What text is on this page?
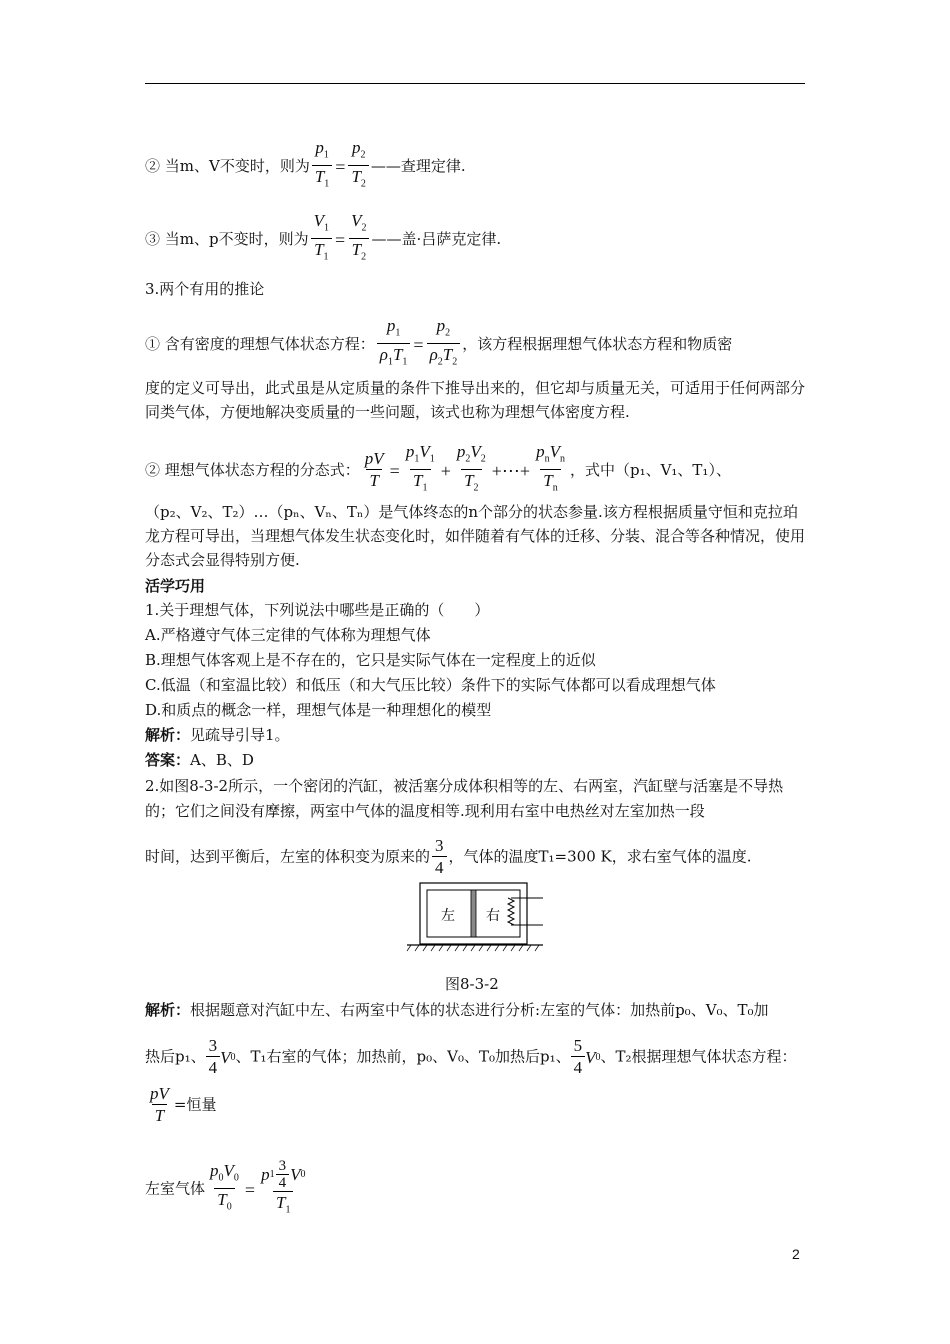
② 当m、V不变时，则为 $\frac{p_1}{T_1} = \frac{p_2}{T_2}$ ——查理定律.
③ 当m、p不变时，则为 $\frac{V_1}{T_1} = \frac{V_2}{T_2}$ ——盖·吕萨克定律.
3.两个有用的推论
① 含有密度的理想气体状态方程： $\frac{p_1}{\rho_1T_1} = \frac{p_2}{\rho_2T_2}$ ，该方程根据理想气体状态方程和物质密
度的定义可导出，此式虽是从定质量的条件下推导出来的，但它却与质量无关，可适用于任何两部分同类气体，方便地解决变质量的一些问题，该式也称为理想气体密度方程.
② 理想气体状态方程的分态式： $\frac{pV}{T} = \frac{p_1V_1}{T_1} + \frac{p_2V_2}{T_2}$ +⋯+ $\frac{p_nV_n}{T_n}$ ，式中（p₁、V₁、T₁）、
（p₂、V₂、T₂）…（pₙ、Vₙ、Tₙ）是气体终态的n个部分的状态参量.该方程根据质量守恒和克拉珀龙方程可导出，当理想气体发生状态变化时，如伴随着有气体的迁移、分装、混合等各种情况，使用分态式会显得特别方便.
活学巧用
1.关于理想气体，下列说法中哪些是正确的（　　）
A.严格遵守气体三定律的气体称为理想气体
B.理想气体客观上是不存在的，它只是实际气体在一定程度上的近似
C.低温（和室温比较）和低压（和大气压比较）条件下的实际气体都可以看成理想气体
D.和质点的概念一样，理想气体是一种理想化的模型
解析：见疏导引导1。
答案：A、B、D
2.如图8-3-2所示，一个密闭的汽缸，被活塞分成体积相等的左、右两室，汽缸壁与活塞是不导热的；它们之间没有摩擦，两室中气体的温度相等.现利用右室中电热丝对左室加热一段
时间，达到平衡后，左室的体积变为原来的 $\frac{3}{4}$ ，气体的温度T₁=300 K，求右室气体的温度.
左 右
图8-3-2
解析：根据题意对汽缸中左、右两室中气体的状态进行分析:左室的气体：加热前p₀、V₀、T₀加
热后p₁、 $\frac{3}{4}$ V 0 、T₁右室的气体；加热前，p₀、V₀、T₀加热后p₁、 $\frac{5}{4}$ V 0 、T₂根据理想气体状态方程：
$\frac{pV}{T}$ =恒量
左室气体 $\frac{p_0V_0}{T_0} = \frac{p 1 \frac{3}{4} V 0}{T_1}$
2
